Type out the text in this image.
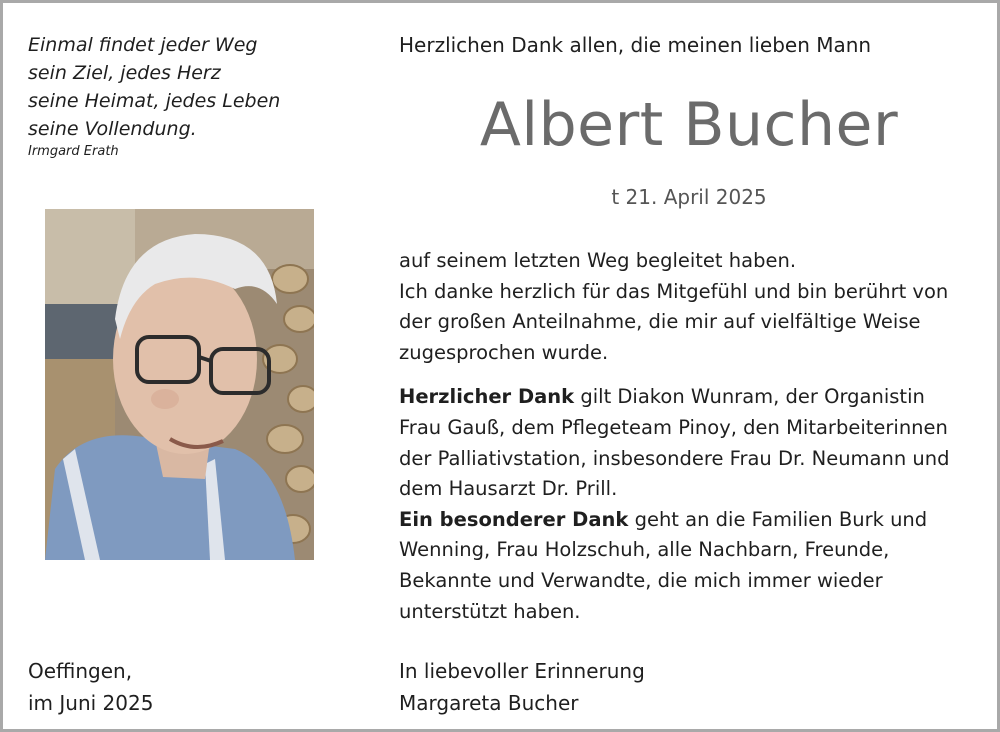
Einmal findet jeder Weg
sein Ziel, jedes Herz
seine Heimat, jedes Leben
seine Vollendung.
Irmgard Erath
Herzlichen Dank allen, die meinen lieben Mann
Albert Bucher
t 21. April 2025
auf seinem letzten Weg begleitet haben.
Ich danke herzlich für das Mitgefühl und bin berührt von
der großen Anteilnahme, die mir auf vielfältige Weise
zugesprochen wurde.
Herzlicher Dank gilt Diakon Wunram, der Organistin
Frau Gauß, dem Pflegeteam Pinoy, den Mitarbeiterinnen
der Palliativstation, insbesondere Frau Dr. Neumann und
dem Hausarzt Dr. Prill.
Ein besonderer Dank geht an die Familien Burk und
Wenning, Frau Holzschuh, alle Nachbarn, Freunde,
Bekannte und Verwandte, die mich immer wieder
unterstützt haben.
Oeffingen,
im Juni 2025
In liebevoller Erinnerung
Margareta Bucher
